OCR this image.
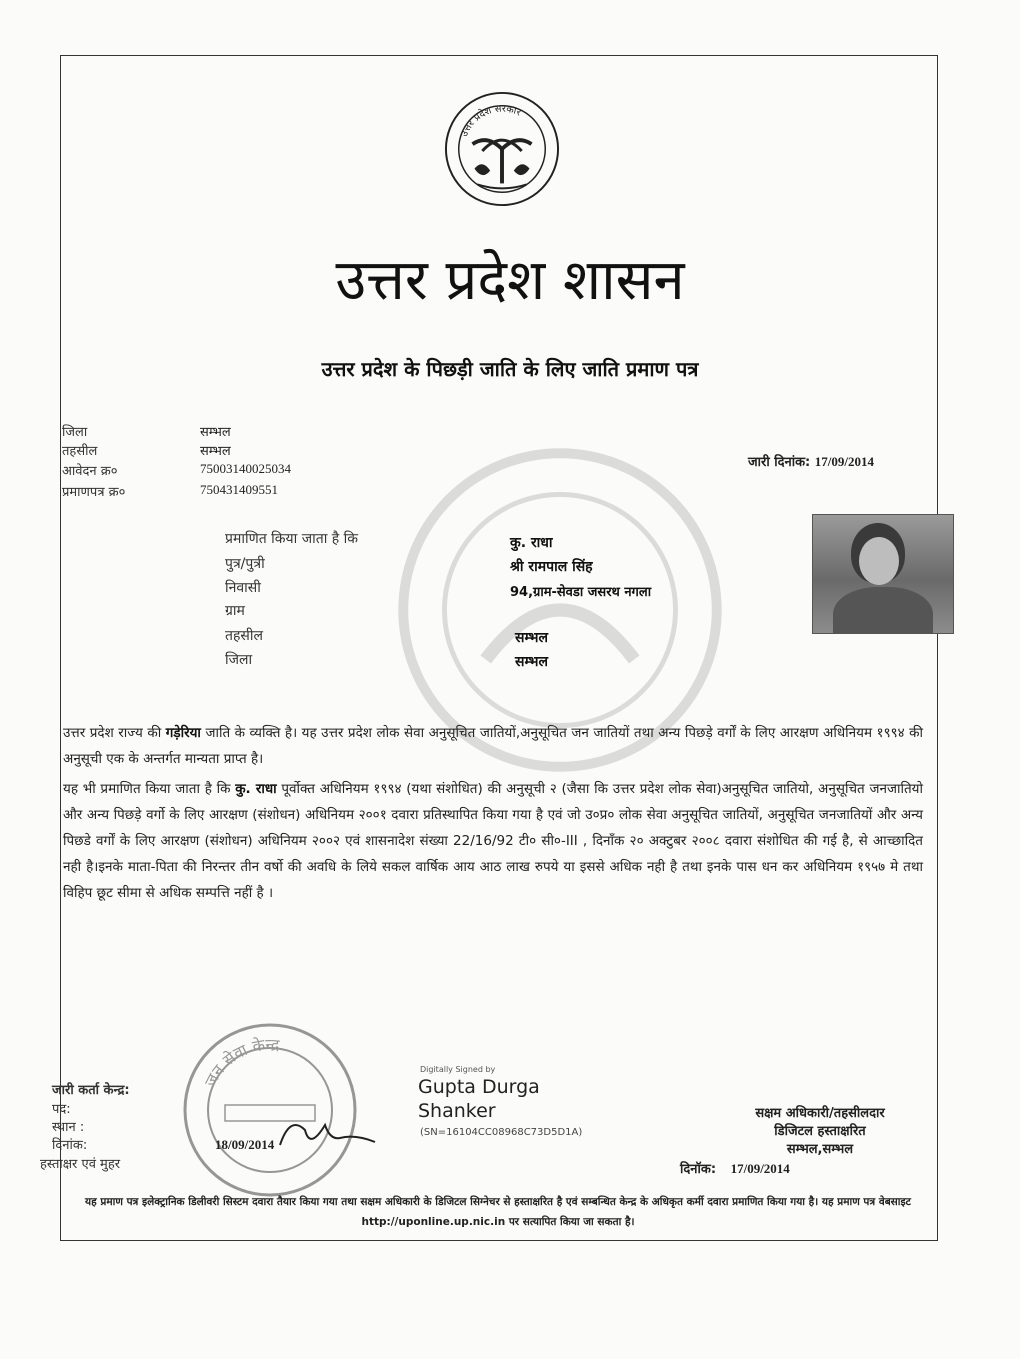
उत्तर प्रदेश सरकार
उत्तर प्रदेश शासन
उत्तर प्रदेश के पिछड़ी जाति के लिए जाति प्रमाण पत्र
जिला	सम्भल
तहसील	सम्भल
आवेदन क्र०	75003140025034
प्रमाणपत्र क्र०	750431409551
जारी दिनांक: 17/09/2014
प्रमाणित किया जाता है कि	कु. राधा
पुत्र/पुत्री	श्री रामपाल सिंह
निवासी	94,ग्राम-सेवडा जसरथ नगला
ग्राम
तहसील	सम्भल
जिला	सम्भल
उत्तर प्रदेश राज्य की गड़ेरिया जाति के व्यक्ति है। यह उत्तर प्रदेश लोक सेवा अनुसूचित जातियों,अनुसूचित जन जातियों तथा अन्य पिछड़े वर्गों के लिए आरक्षण अधिनियम १९९४ की अनुसूची एक के अन्तर्गत मान्यता प्राप्त है।
यह भी प्रमाणित किया जाता है कि कु. राधा पूर्वोक्त अधिनियम १९९४ (यथा संशोधित) की अनुसूची २ (जैसा कि उत्तर प्रदेश लोक सेवा)अनुसूचित जातियो, अनुसूचित जनजातियो और अन्य पिछड़े वर्गो के लिए आरक्षण (संशोधन) अधिनियम २००१ दवारा प्रतिस्थापित किया गया है एवं जो उ०प्र० लोक सेवा अनुसूचित जातियों, अनुसूचित जनजातियों और अन्य पिछडे वर्गों के लिए आरक्षण (संशोधन) अधिनियम २००२ एवं शासनादेश संख्या 22/16/92 टी० सी०-III , दिनाँक २० अक्टुबर २००८ दवारा संशोधित की गई है, से आच्छादित नही है।इनके माता-पिता की निरन्तर तीन वर्षो की अवधि के लिये सकल वार्षिक आय आठ लाख रुपये या इससे अधिक नही है तथा इनके पास धन कर अधिनियम १९५७ मे तथा विहिप छूट सीमा से अधिक सम्पत्ति नहीं है ।
जन सेवा केन्द्र
जारी कर्ता केन्द्र:
पद:
स्थान :
दिनांक:	18/09/2014
हस्ताक्षर एवं मुहर
Digitally Signed by
Gupta Durga
Shanker
(SN=16104CC08968C73D5D1A)
सक्षम अधिकारी/तहसीलदार
डिजिटल हस्ताक्षरित
सम्भल,सम्भल
दिनॉक: 17/09/2014
यह प्रमाण पत्र इलेक्ट्रानिक डिलीवरी सिस्टम दवारा तैयार किया गया तथा सक्षम अधिकारी के डिजिटल सिग्नेचर से हस्ताक्षरित है एवं सम्बन्धित केन्द्र के अधिकृत कर्मी दवारा प्रमाणित किया गया है। यह प्रमाण पत्र वेबसाइट http://uponline.up.nic.in पर सत्यापित किया जा सकता है।
